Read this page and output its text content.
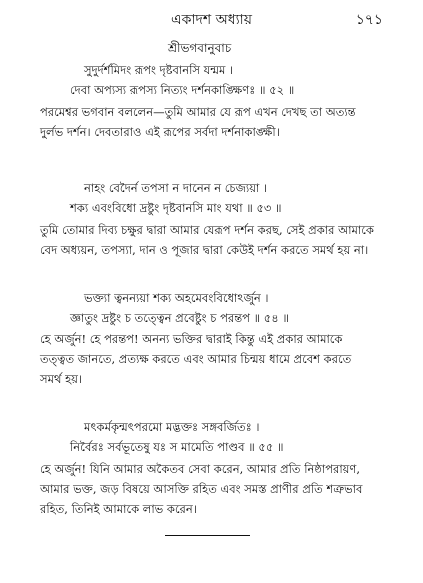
একাদশ অধ্যায়	১৭১
শ্রীভগবানুবাচ
সুদুর্দর্শমিদং রূপং দৃষ্টবানসি যন্মম ।
দেবা অপ্যস্য রূপস্য নিত্যং দর্শনকাঙ্ক্ষিণঃ ॥ ৫২ ॥
পরমেশ্বর ভগবান বললেন—তুমি আমার যে রূপ এখন দেখছ তা অত্যন্ত
দুর্লভ দর্শন। দেবতারাও এই রূপের সর্বদা দর্শনাকাঙ্ক্ষী।
নাহং বেদৈর্ন তপসা ন দানেন ন চেজ্যয়া ।
শক্য এবংবিধো দ্রষ্টুং দৃষ্টবানসি মাং যথা ॥ ৫৩ ॥
তুমি তোমার দিব্য চক্ষুর দ্বারা আমার যেরূপ দর্শন করছ, সেই প্রকার আমাকে
বেদ অধ্যয়ন, তপস্যা, দান ও পূজার দ্বারা কেউই দর্শন করতে সমর্থ হয় না।
ভক্ত্যা ত্বনন্যয়া শক্য অহমেবংবিধোঽর্জুন ।
জ্ঞাতুং দ্রষ্টুং চ তত্ত্বেন প্রবেষ্টুং চ পরন্তপ ॥ ৫৪ ॥
হে অর্জুন! হে পরন্তপ! অনন্য ভক্তির দ্বারাই কিন্তু এই প্রকার আমাকে
তত্ত্বত জানতে, প্রত্যক্ষ করতে এবং আমার চিন্ময় ধামে প্রবেশ করতে
সমর্থ হয়।
মৎকর্মকৃন্মৎপরমো মদ্ভক্তঃ সঙ্গবর্জিতঃ ।
নির্বৈরঃ সর্বভূতেষু যঃ স মামেতি পাণ্ডব ॥ ৫৫ ॥
হে অর্জুন! যিনি আমার অকৈতব সেবা করেন, আমার প্রতি নিষ্ঠাপরায়ণ,
আমার ভক্ত, জড় বিষয়ে আসক্তি রহিত এবং সমস্ত প্রাণীর প্রতি শত্রুভাব
রহিত, তিনিই আমাকে লাভ করেন।
